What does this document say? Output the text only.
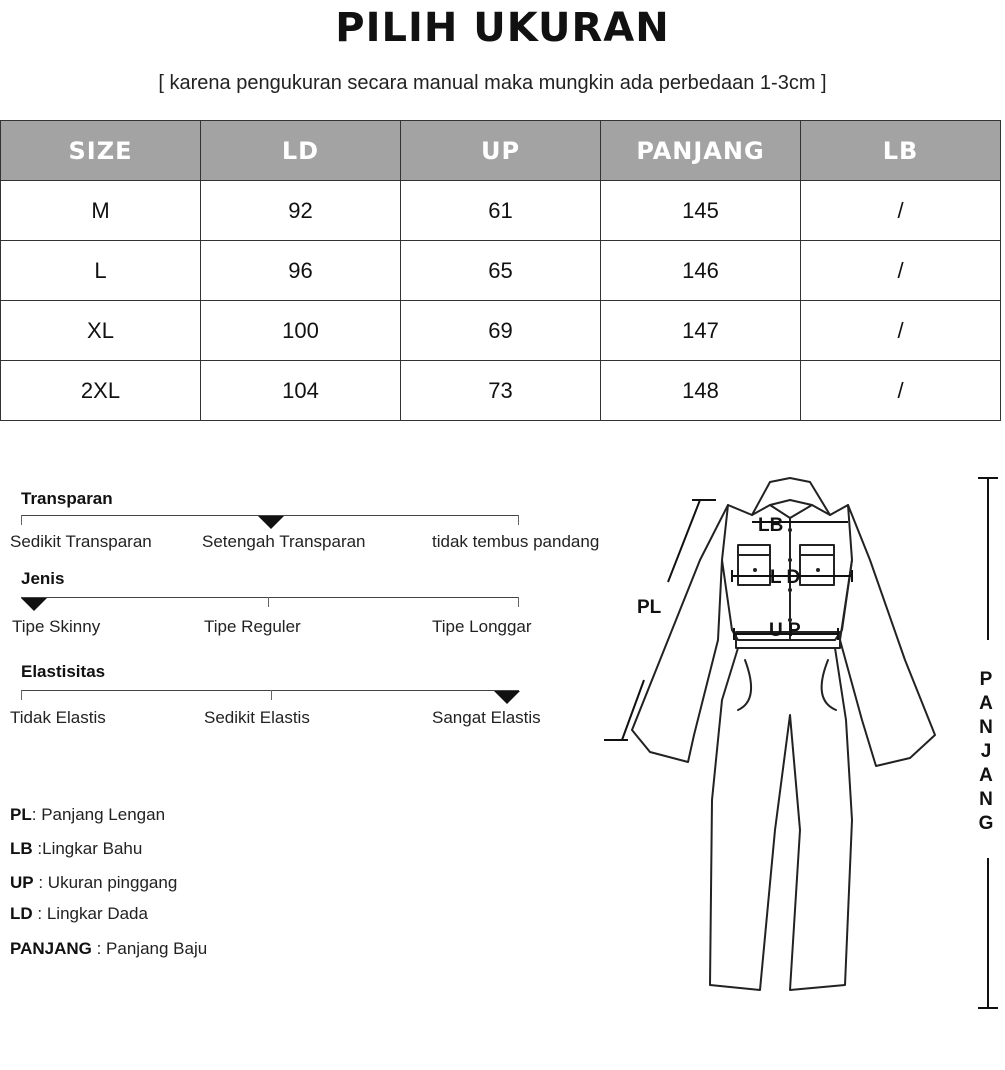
PILIH UKURAN
[ karena pengukuran secara manual maka mungkin ada perbedaan 1-3cm ]
SIZE	LD	UP	PANJANG	LB
M	92	61	145	/
L	96	65	146	/
XL	100	69	147	/
2XL	104	73	148	/
Transparan
Sedikit Transparan	Setengah Transparan	tidak tembus pandang
Jenis
Tipe Skinny	Tipe Reguler	Tipe Longgar
Elastisitas
Tidak Elastis	Sedikit Elastis	Sangat Elastis
PL: Panjang Lengan
LB :Lingkar Bahu
UP : Ukuran pinggang
LD : Lingkar Dada
PANJANG : Panjang Baju
LB
L D
U P
PL
P
A
N
J
A
N
G
